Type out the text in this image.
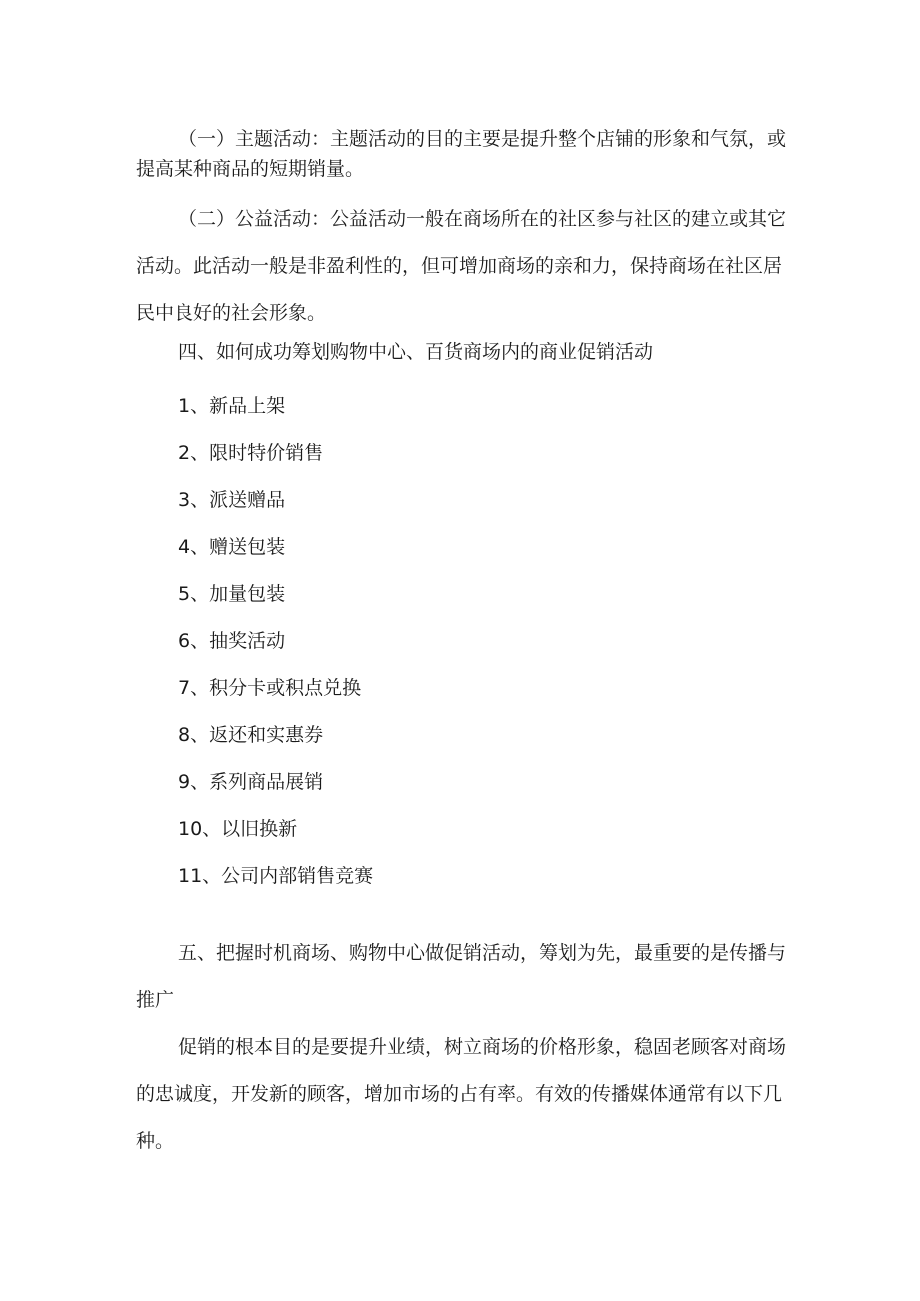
（一）主题活动：主题活动的目的主要是提升整个店铺的形象和气氛，或提高某种商品的短期销量。

（二）公益活动：公益活动一般在商场所在的社区参与社区的建立或其它活动。此活动一般是非盈利性的，但可增加商场的亲和力，保持商场在社区居民中良好的社会形象。

四、如何成功筹划购物中心、百货商场内的商业促销活动

1、新品上架

2、限时特价销售

3、派送赠品

4、赠送包装

5、加量包装

6、抽奖活动

7、积分卡或积点兑换

8、返还和实惠券

9、系列商品展销

10、以旧换新

11、公司内部销售竞赛

五、把握时机商场、购物中心做促销活动，筹划为先，最重要的是传播与推广

促销的根本目的是要提升业绩，树立商场的价格形象，稳固老顾客对商场的忠诚度，开发新的顾客，增加市场的占有率。有效的传播媒体通常有以下几种。
